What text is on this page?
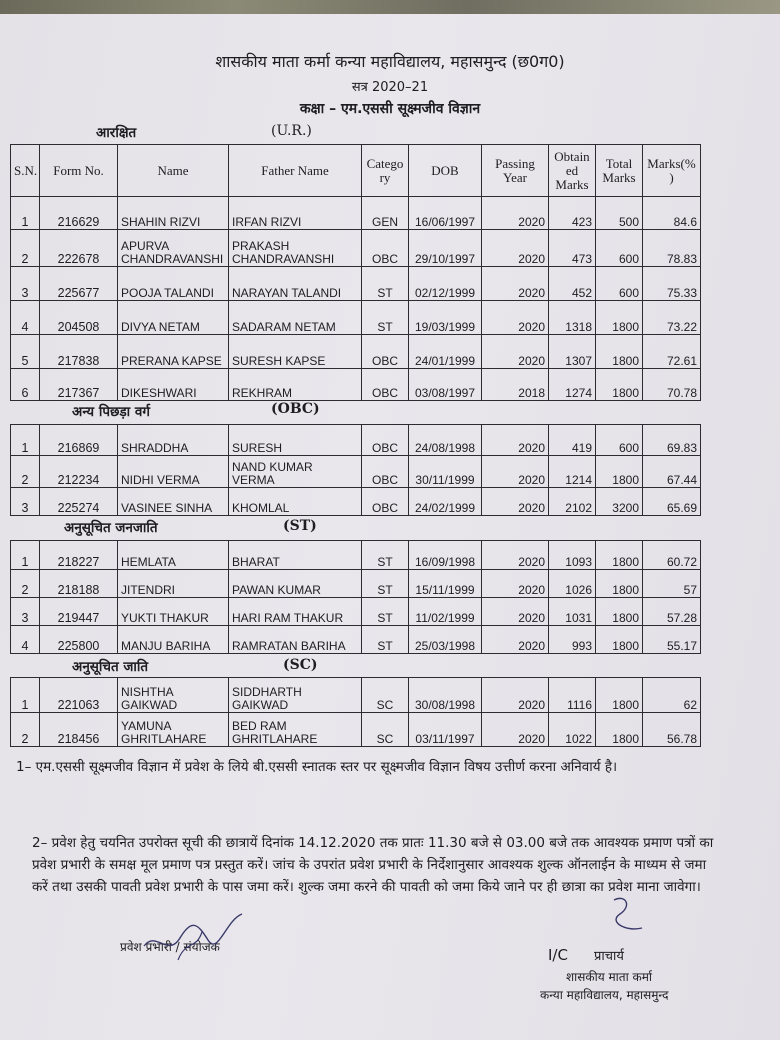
शासकीय माता कर्मा कन्या महाविद्यालय, महासमुन्द (छ0ग0)
सत्र 2020–21
कक्षा – एम.एससी सूक्ष्मजीव विज्ञान
आरक्षित	(U.R.)
S.N.	Form No.	Name	Father Name	Catego ry	DOB	Passing Year	Obtain ed Marks	Total Marks	Marks(% )
1	216629	SHAHIN RIZVI	IRFAN RIZVI	GEN	16/06/1997	2020	423	500	84.6
2	222678	APURVA CHANDRAVANSHI	PRAKASH CHANDRAVANSHI	OBC	29/10/1997	2020	473	600	78.83
3	225677	POOJA TALANDI	NARAYAN TALANDI	ST	02/12/1999	2020	452	600	75.33
4	204508	DIVYA NETAM	SADARAM NETAM	ST	19/03/1999	2020	1318	1800	73.22
5	217838	PRERANA KAPSE	SURESH KAPSE	OBC	24/01/1999	2020	1307	1800	72.61
6	217367	DIKESHWARI	REKHRAM	OBC	03/08/1997	2018	1274	1800	70.78
अन्य पिछड़ा वर्ग	(OBC)
1	216869	SHRADDHA	SURESH	OBC	24/08/1998	2020	419	600	69.83
2	212234	NIDHI VERMA	NAND KUMAR VERMA	OBC	30/11/1999	2020	1214	1800	67.44
3	225274	VASINEE SINHA	KHOMLAL	OBC	24/02/1999	2020	2102	3200	65.69
अनुसूचित जनजाति	(ST)
1	218227	HEMLATA	BHARAT	ST	16/09/1998	2020	1093	1800	60.72
2	218188	JITENDRI	PAWAN KUMAR	ST	15/11/1999	2020	1026	1800	57
3	219447	YUKTI THAKUR	HARI RAM THAKUR	ST	11/02/1999	2020	1031	1800	57.28
4	225800	MANJU BARIHA	RAMRATAN BARIHA	ST	25/03/1998	2020	993	1800	55.17
अनुसूचित जाति	(SC)
1	221063	NISHTHA GAIKWAD	SIDDHARTH GAIKWAD	SC	30/08/1998	2020	1116	1800	62
2	218456	YAMUNA GHRITLAHARE	BED RAM GHRITLAHARE	SC	03/11/1997	2020	1022	1800	56.78
1– एम.एससी सूक्ष्मजीव विज्ञान में प्रवेश के लिये बी.एससी स्नातक स्तर पर सूक्ष्मजीव विज्ञान विषय उत्तीर्ण करना अनिवार्य है।
2– प्रवेश हेतु चयनित उपरोक्त सूची की छात्रायें दिनांक 14.12.2020 तक प्रातः 11.30 बजे से 03.00 बजे तक आवश्यक प्रमाण पत्रों का प्रवेश प्रभारी के समक्ष मूल प्रमाण पत्र प्रस्तुत करें। जांच के उपरांत प्रवेश प्रभारी के निर्देशानुसार आवश्यक शुल्क ऑनलाईन के माध्यम से जमा करें तथा उसकी पावती प्रवेश प्रभारी के पास जमा करें। शुल्क जमा करने की पावती को जमा किये जाने पर ही छात्रा का प्रवेश माना जावेगा।
प्रवेश प्रभारी / संयोजक	I/C प्राचार्य
शासकीय माता कर्मा
कन्या महाविद्यालय, महासमुन्द
